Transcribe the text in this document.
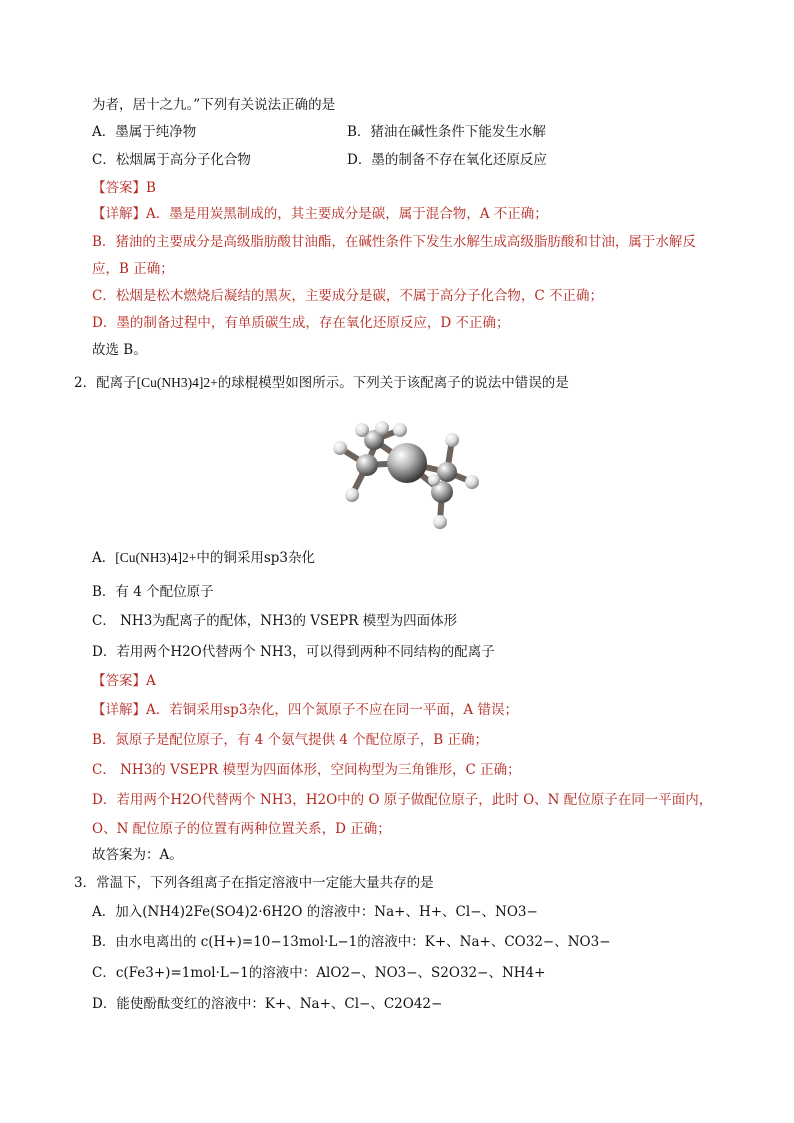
为者，居十之九。”下列有关说法正确的是
A．墨属于纯净物	B．猪油在碱性条件下能发生水解
C．松烟属于高分子化合物	D．墨的制备不存在氧化还原反应
【答案】B
【详解】A．墨是用炭黑制成的，其主要成分是碳，属于混合物，A 不正确；
B．猪油的主要成分是高级脂肪酸甘油酯，在碱性条件下发生水解生成高级脂肪酸和甘油，属于水解反
应，B 正确；
C．松烟是松木燃烧后凝结的黑灰，主要成分是碳，不属于高分子化合物，C 不正确；
D．墨的制备过程中，有单质碳生成，存在氧化还原反应，D 不正确；
故选 B。
2．配离子[Cu(NH3)4]2+的球棍模型如图所示。下列关于该配离子的说法中错误的是
A．[Cu(NH3)4]2+中的铜采用sp3杂化
B．有 4 个配位原子
C． NH3为配离子的配体，NH3的 VSEPR 模型为四面体形
D．若用两个H2O代替两个 NH3，可以得到两种不同结构的配离子
【答案】A
【详解】A．若铜采用sp3杂化，四个氮原子不应在同一平面，A 错误；
B．氮原子是配位原子，有 4 个氨气提供 4 个配位原子，B 正确；
C． NH3的 VSEPR 模型为四面体形，空间构型为三角锥形，C 正确；
D．若用两个H2O代替两个 NH3，H2O中的 O 原子做配位原子，此时 O、N 配位原子在同一平面内，
O、N 配位原子的位置有两种位置关系，D 正确；
故答案为：A。
3．常温下，下列各组离子在指定溶液中一定能大量共存的是
A．加入(NH4)2Fe(SO4)2·6H2O 的溶液中：Na+、H+、Cl−、NO3−
B．由水电离出的 c(H+)=10−13mol·L−1的溶液中：K+、Na+、CO32−、NO3−
C．c(Fe3+)=1mol·L−1的溶液中：AlO2−、NO3−、S2O32−、NH4+
D．能使酚酞变红的溶液中：K+、Na+、Cl−、C2O42−
